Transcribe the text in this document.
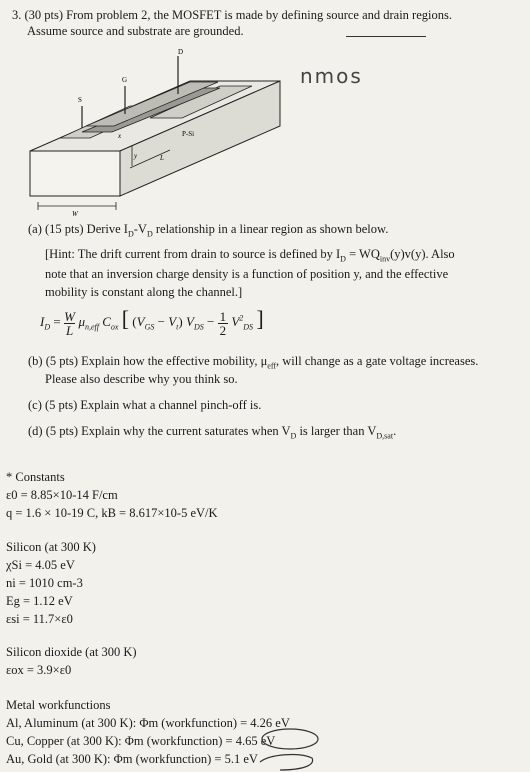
3. (30 pts) From problem 2, the MOSFET is made by defining source and drain regions.
Assume source and substrate are grounded.
nmos
D
G
S
P-Si
W
L
x
y
(a) (15 pts) Derive $I_D-V_D$ relationship in a linear region as shown below.
[Hint: The drift current from drain to source is defined by $I_D = WQ_{inv}(y)v(y)$. Also
note that an inversion charge density is a function of position y, and the effective
mobility is constant along the channel.]
$I_D = \frac{W}{L} \mu_{n,eff}$ $C_{ox}$ [ $(V_{GS} - V_t) V_{DS} - \frac{1}{2} V^2_{DS}$ ]
(b) (5 pts) Explain how the effective mobility, $\mu_{eff}$, will change as a gate voltage increases.
Please also describe why you think so.
(c) (5 pts) Explain what a channel pinch-off is.
(d) (5 pts) Explain why the current saturates when $V_D$ is larger than $V_{D,sat}$.
* Constants
ε0 = 8.85×10-14 F/cm
q = 1.6 × 10-19 C, kB = 8.617×10-5 eV/K
Silicon (at 300 K)
χSi = 4.05 eV
ni = 1010 cm-3
Eg = 1.12 eV
εsi = 11.7×ε0
Silicon dioxide (at 300 K)
εox = 3.9×ε0
Metal workfunctions
Al, Aluminum (at 300 K): Φm (workfunction) = 4.26 eV
Cu, Copper (at 300 K): Φm (workfunction) = 4.65 eV
Au, Gold (at 300 K): Φm (workfunction) = 5.1 eV
